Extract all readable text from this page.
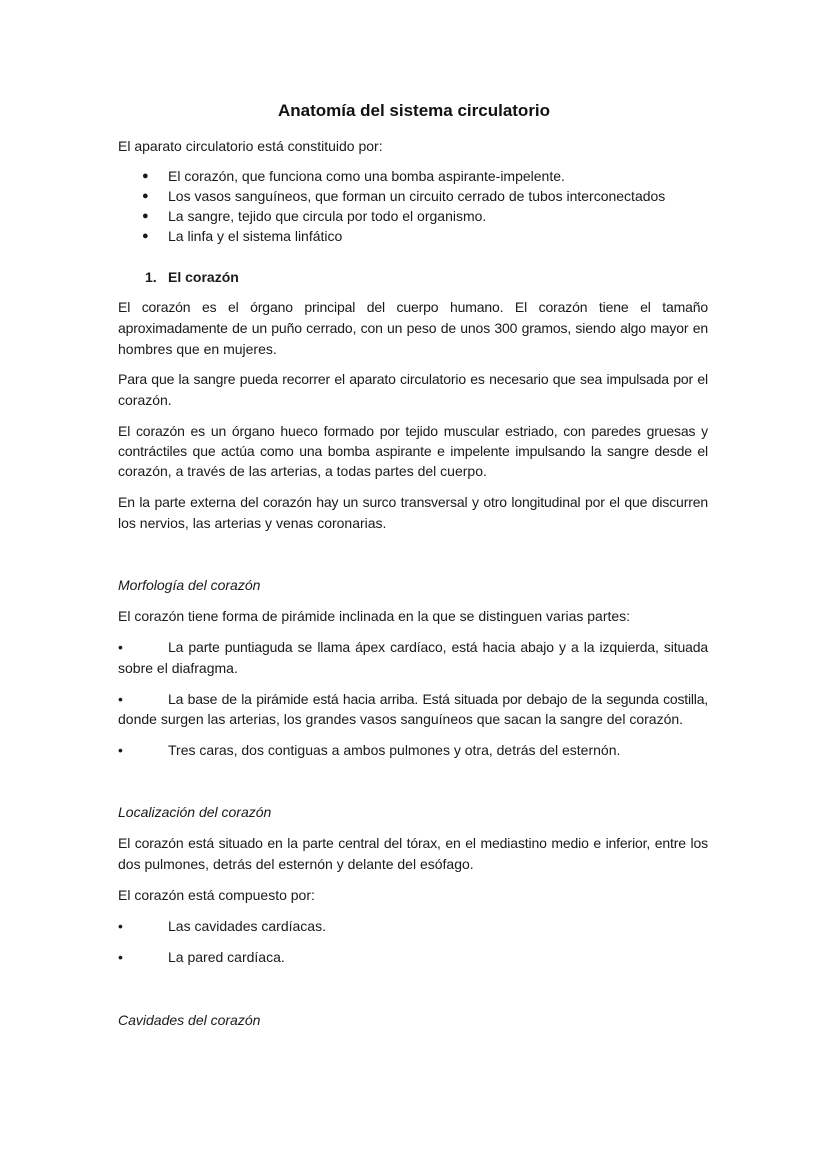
Anatomía del sistema circulatorio
El aparato circulatorio está constituido por:
● El corazón, que funciona como una bomba aspirante-impelente.
● Los vasos sanguíneos, que forman un circuito cerrado de tubos interconectados
● La sangre, tejido que circula por todo el organismo.
● La linfa y el sistema linfático
1. El corazón
El corazón es el órgano principal del cuerpo humano. El corazón tiene el tamaño
aproximadamente de un puño cerrado, con un peso de unos 300 gramos, siendo algo mayor en
hombres que en mujeres.
Para que la sangre pueda recorrer el aparato circulatorio es necesario que sea impulsada por el
corazón.
El corazón es un órgano hueco formado por tejido muscular estriado, con paredes gruesas y
contráctiles que actúa como una bomba aspirante e impelente impulsando la sangre desde el
corazón, a través de las arterias, a todas partes del cuerpo.
En la parte externa del corazón hay un surco transversal y otro longitudinal por el que discurren
los nervios, las arterias y venas coronarias.
Morfología del corazón
El corazón tiene forma de pirámide inclinada en la que se distinguen varias partes:
•	La parte puntiaguda se llama ápex cardíaco, está hacia abajo y a la izquierda, situada
sobre el diafragma.
•	La base de la pirámide está hacia arriba. Está situada por debajo de la segunda costilla,
donde surgen las arterias, los grandes vasos sanguíneos que sacan la sangre del corazón.
•	Tres caras, dos contiguas a ambos pulmones y otra, detrás del esternón.
Localización del corazón
El corazón está situado en la parte central del tórax, en el mediastino medio e inferior, entre los
dos pulmones, detrás del esternón y delante del esófago.
El corazón está compuesto por:
•	Las cavidades cardíacas.
•	La pared cardíaca.
Cavidades del corazón
